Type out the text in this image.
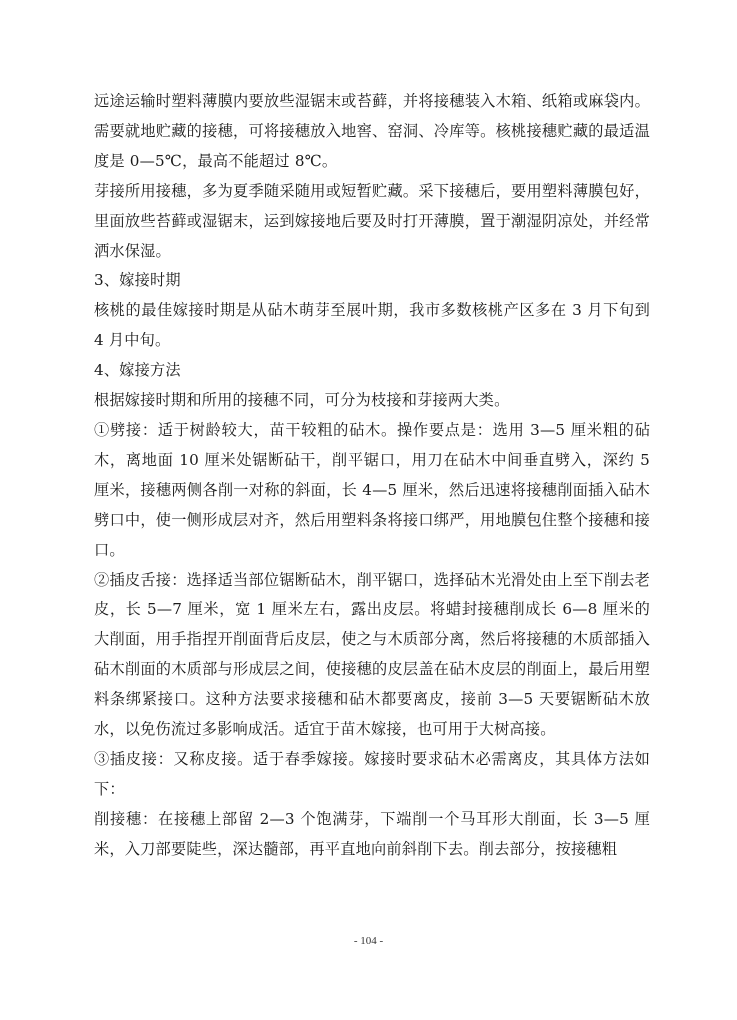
远途运输时塑料薄膜内要放些湿锯末或苔藓，并将接穗装入木箱、纸箱或麻袋内。需要就地贮藏的接穗，可将接穗放入地窖、窑洞、冷库等。核桃接穗贮藏的最适温度是 0—5℃，最高不能超过 8℃。

芽接所用接穗，多为夏季随采随用或短暂贮藏。采下接穗后，要用塑料薄膜包好，里面放些苔藓或湿锯末，运到嫁接地后要及时打开薄膜，置于潮湿阴凉处，并经常洒水保湿。

3、嫁接时期

核桃的最佳嫁接时期是从砧木萌芽至展叶期，我市多数核桃产区多在 3 月下旬到 4 月中旬。

4、嫁接方法

根据嫁接时期和所用的接穗不同，可分为枝接和芽接两大类。

①劈接：适于树龄较大，苗干较粗的砧木。操作要点是：选用 3—5 厘米粗的砧木，离地面 10 厘米处锯断砧干，削平锯口，用刀在砧木中间垂直劈入，深约 5 厘米，接穗两侧各削一对称的斜面，长 4—5 厘米，然后迅速将接穗削面插入砧木劈口中，使一侧形成层对齐，然后用塑料条将接口绑严，用地膜包住整个接穗和接口。

②插皮舌接：选择适当部位锯断砧木，削平锯口，选择砧木光滑处由上至下削去老皮，长 5—7 厘米，宽 1 厘米左右，露出皮层。将蜡封接穗削成长 6—8 厘米的大削面，用手指捏开削面背后皮层，使之与木质部分离，然后将接穗的木质部插入砧木削面的木质部与形成层之间，使接穗的皮层盖在砧木皮层的削面上，最后用塑料条绑紧接口。这种方法要求接穗和砧木都要离皮，接前 3—5 天要锯断砧木放水，以免伤流过多影响成活。适宜于苗木嫁接，也可用于大树高接。

③插皮接：又称皮接。适于春季嫁接。嫁接时要求砧木必需离皮，其具体方法如下：

削接穗：在接穗上部留 2—3 个饱满芽，下端削一个马耳形大削面，长 3—5 厘米，入刀部要陡些，深达髓部，再平直地向前斜削下去。削去部分，按接穗粗

- 104 -
